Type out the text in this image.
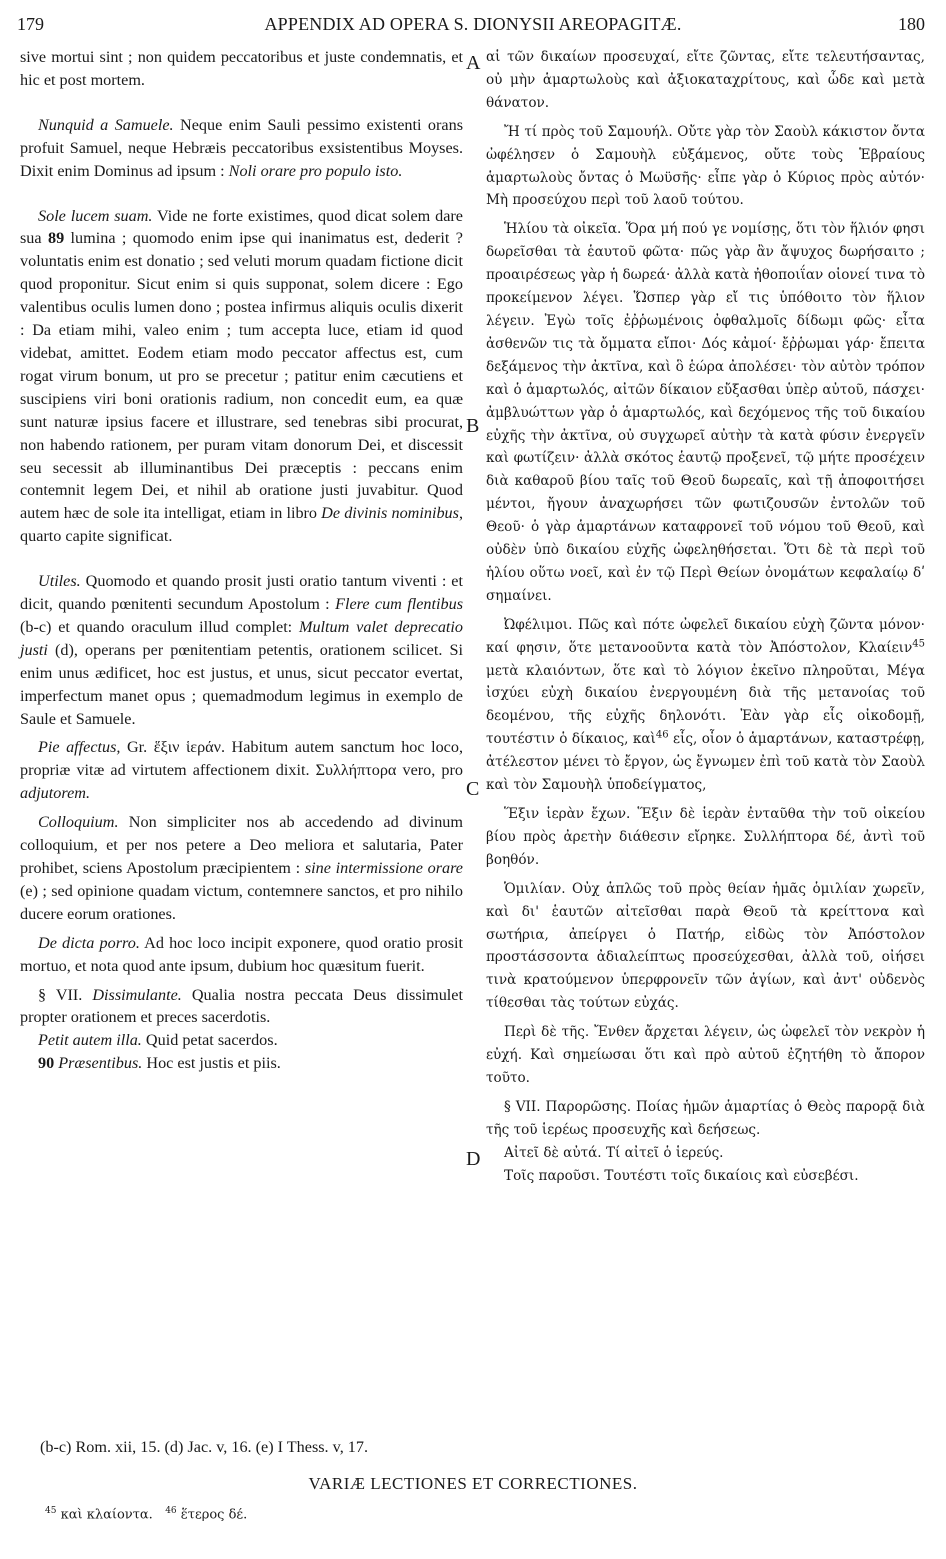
179	APPENDIX AD OPERA S. DIONYSII AREOPAGITÆ.	180

sive mortui sint ; non quidem peccatoribus et juste condemnatis, et hic et post mortem.

Nunquid a Samuele. Neque enim Sauli pessimo existenti orans profuit Samuel, neque Hebræis peccatoribus exsistentibus Moyses. Dixit enim Dominus ad ipsum : Noli orare pro populo isto.

Sole lucem suam. Vide ne forte existimes, quod dicat solem dare sua 89 lumina ; quomodo enim ipse qui inanimatus est, dederit ? voluntatis enim est donatio ; sed veluti morum quadam fictione dicit quod proponitur. Sicut enim si quis supponat, solem dicere : Ego valentibus oculis lumen dono ; postea infirmus aliquis oculis dixerit : Da etiam mihi, valeo enim ; tum accepta luce, etiam id quod videbat, amittet. Eodem etiam modo peccator affectus est, cum rogat virum bonum, ut pro se precetur ; patitur enim cæcutiens et suscipiens viri boni orationis radium, non concedit eum, ea quæ sunt naturæ ipsius facere et illustrare, sed tenebras sibi procurat, non habendo rationem, per puram vitam donorum Dei, et discessit seu secessit ab illuminantibus Dei præceptis : peccans enim contemnit legem Dei, et nihil ab oratione justi juvabitur. Quod autem hæc de sole ita intelligat, etiam in libro De divinis nominibus, quarto capite significat.

Utiles. Quomodo et quando prosit justi oratio tantum viventi : et dicit, quando pœnitenti secundum Apostolum : Flere cum flentibus (b-c) et quando oraculum illud complet: Multum valet deprecatio justi (d), operans per pœnitentiam petentis, orationem scilicet. Si enim unus ædificet, hoc est justus, et unus, sicut peccator evertat, imperfectum manet opus ; quemadmodum legimus in exemplo de Saule et Samuele.

Pie affectus, Gr. ἕξιν ἱεράν. Habitum autem sanctum hoc loco, propriæ vitæ ad virtutem affectionem dixit. Συλλήπτορα vero, pro adjutorem.

Colloquium. Non simpliciter nos ab accedendo ad divinum colloquium, et per nos petere a Deo meliora et salutaria, Pater prohibet, sciens Apostolum præcipientem : sine intermissione orare (e) ; sed opinione quadam victum, contemnere sanctos, et pro nihilo ducere eorum orationes.

De dicta porro. Ad hoc loco incipit exponere, quod oratio prosit mortuo, et nota quod ante ipsum, dubium hoc quæsitum fuerit.

§ VII. Dissimulante. Qualia nostra peccata Deus dissimulet propter orationem et preces sacerdotis.

Petit autem illa. Quid petat sacerdos.

90 Præsentibus. Hoc est justis et piis.

A
B
C
D

αἱ τῶν δικαίων προσευχαί, εἴτε ζῶντας, εἴτε τελευτήσαντας, οὐ μὴν ἁμαρτωλοὺς καὶ ἀξιοκαταχρίτους, καὶ ὧδε καὶ μετὰ θάνατον.

Ἤ τί πρὸς τοῦ Σαμουήλ. Οὔτε γὰρ τὸν Σαοὺλ κάκιστον ὄντα ὠφέλησεν ὁ Σαμουὴλ εὐξάμενος, οὔτε τοὺς Ἑβραίους ἁμαρτωλοὺς ὄντας ὁ Μωϋσῆς· εἶπε γὰρ ὁ Κύριος πρὸς αὐτόν· Μὴ προσεύχου περὶ τοῦ λαοῦ τούτου.

Ἡλίου τὰ οἰκεῖα. Ὅρα μή πού γε νομίσῃς, ὅτι τὸν ἥλιόν φησι δωρεῖσθαι τὰ ἑαυτοῦ φῶτα· πῶς γὰρ ἂν ἄψυχος δωρήσαιτο ; προαιρέσεως γὰρ ἡ δωρεά· ἀλλὰ κατὰ ἠθοποιΐαν οἱονεί τινα τὸ προκείμενον λέγει. Ὥσπερ γὰρ εἴ τις ὑπόθοιτο τὸν ἥλιον λέγειν. Ἐγὼ τοῖς ἐῤῥωμένοις ὀφθαλμοῖς δίδωμι φῶς· εἶτα ἀσθενῶν τις τὰ ὄμματα εἴποι· Δός κἀμοί· ἔῤῥωμαι γάρ· ἔπειτα δεξάμενος τὴν ἀκτῖνα, καὶ ὃ ἑώρα ἀπολέσει· τὸν αὐτὸν τρόπον καὶ ὁ ἁμαρτωλός, αἰτῶν δίκαιον εὔξασθαι ὑπὲρ αὐτοῦ, πάσχει· ἀμβλυώττων γὰρ ὁ ἁμαρτωλός, καὶ δεχόμενος τῆς τοῦ δικαίου εὐχῆς τὴν ἀκτῖνα, οὐ συγχωρεῖ αὐτὴν τὰ κατὰ φύσιν ἐνεργεῖν καὶ φωτίζειν· ἀλλὰ σκότος ἑαυτῷ προξενεῖ, τῷ μήτε προσέχειν διὰ καθαροῦ βίου ταῖς τοῦ Θεοῦ δωρεαῖς, καὶ τῇ ἀποφοιτήσει μέντοι, ἤγουν ἀναχωρήσει τῶν φωτιζουσῶν ἐντολῶν τοῦ Θεοῦ· ὁ γὰρ ἁμαρτάνων καταφρονεῖ τοῦ νόμου τοῦ Θεοῦ, καὶ οὐδὲν ὑπὸ δικαίου εὐχῆς ὠφεληθήσεται. Ὅτι δὲ τὰ περὶ τοῦ ἡλίου οὕτω νοεῖ, καὶ ἐν τῷ Περὶ Θείων ὀνομάτων κεφαλαίῳ δʹ σημαίνει.

Ὠφέλιμοι. Πῶς καὶ πότε ὠφελεῖ δικαίου εὐχὴ ζῶντα μόνον· καί φησιν, ὅτε μετανοοῦντα κατὰ τὸν Ἀπόστολον, Κλαίειν$^{45}$ μετὰ κλαιόντων, ὅτε καὶ τὸ λόγιον ἐκεῖνο πληροῦται, Μέγα ἰσχύει εὐχὴ δικαίου ἐνεργουμένη διὰ τῆς μετανοίας τοῦ δεομένου, τῆς εὐχῆς δηλονότι. Ἐὰν γὰρ εἷς οἰκοδομῇ, τουτέστιν ὁ δίκαιος, καὶ$^{46}$ εἷς, οἷον ὁ ἁμαρτάνων, καταστρέφῃ, ἀτέλεστον μένει τὸ ἔργον, ὡς ἔγνωμεν ἐπὶ τοῦ κατὰ τὸν Σαοὺλ καὶ τὸν Σαμουὴλ ὑποδείγματος,

Ἕξιν ἱερὰν ἔχων. Ἕξιν δὲ ἱερὰν ἐνταῦθα τὴν τοῦ οἰκείου βίου πρὸς ἀρετὴν διάθεσιν εἴρηκε. Συλλήπτορα δέ, ἀντὶ τοῦ βοηθόν.

Ὁμιλίαν. Οὐχ ἁπλῶς τοῦ πρὸς θείαν ἡμᾶς ὁμιλίαν χωρεῖν, καὶ δι' ἑαυτῶν αἰτεῖσθαι παρὰ Θεοῦ τὰ κρείττονα καὶ σωτήρια, ἀπείργει ὁ Πατήρ, εἰδὼς τὸν Ἀπόστολον προστάσσοντα ἀδιαλείπτως προσεύχεσθαι, ἀλλὰ τοῦ, οἰήσει τινὰ κρατούμενον ὑπερφρονεῖν τῶν ἁγίων, καὶ ἀντ' οὐδενὸς τίθεσθαι τὰς τούτων εὐχάς.

Περὶ δὲ τῆς. Ἔνθεν ἄρχεται λέγειν, ὡς ὠφελεῖ τὸν νεκρὸν ἡ εὐχή. Καὶ σημείωσαι ὅτι καὶ πρὸ αὐτοῦ ἐζητήθη τὸ ἄπορον τοῦτο.

§ VII. Παρορῶσης. Ποίας ἡμῶν ἁμαρτίας ὁ Θεὸς παρορᾷ διὰ τῆς τοῦ ἱερέως προσευχῆς καὶ δεήσεως.

Αἰτεῖ δὲ αὐτά. Τί αἰτεῖ ὁ ἱερεύς.

Τοῖς παροῦσι. Τουτέστι τοῖς δικαίοις καὶ εὐσεβέσι.

(b-c) Rom. xii, 15. (d) Jac. v, 16. (e) I Thess. v, 17.
VARIÆ LECTIONES ET CORRECTIONES.
$^{45}$ καὶ κλαίοντα. $^{46}$ ἕτερος δέ.
